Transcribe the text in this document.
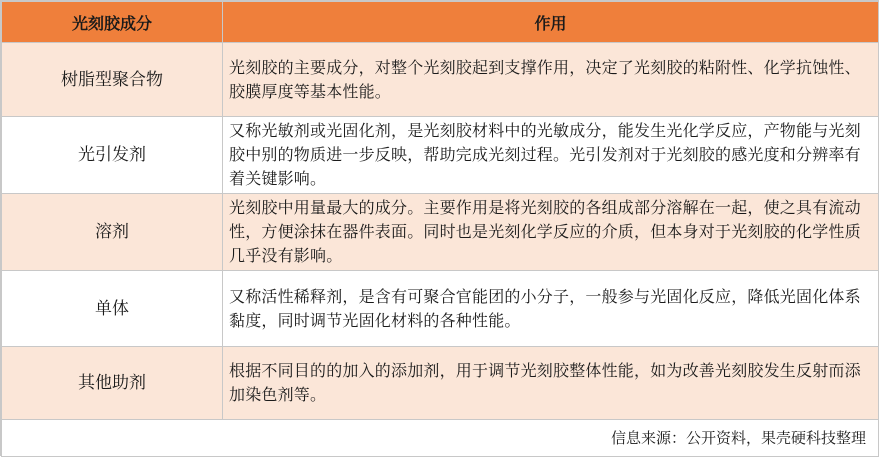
光刻胶成分	作用
树脂型聚合物	光刻胶的主要成分，对整个光刻胶起到支撑作用，决定了光刻胶的粘附性、化学抗蚀性、胶膜厚度等基本性能。
光引发剂	又称光敏剂或光固化剂，是光刻胶材料中的光敏成分，能发生光化学反应，产物能与光刻胶中别的物质进一步反映，帮助完成光刻过程。光引发剂对于光刻胶的感光度和分辨率有着关键影响。
溶剂	光刻胶中用量最大的成分。主要作用是将光刻胶的各组成部分溶解在一起，使之具有流动性，方便涂抹在器件表面。同时也是光刻化学反应的介质，但本身对于光刻胶的化学性质几乎没有影响。
单体	又称活性稀释剂，是含有可聚合官能团的小分子，一般参与光固化反应，降低光固化体系黏度，同时调节光固化材料的各种性能。
其他助剂	根据不同目的的加入的添加剂，用于调节光刻胶整体性能，如为改善光刻胶发生反射而添加染色剂等。
信息来源：公开资料，果壳硬科技整理	
